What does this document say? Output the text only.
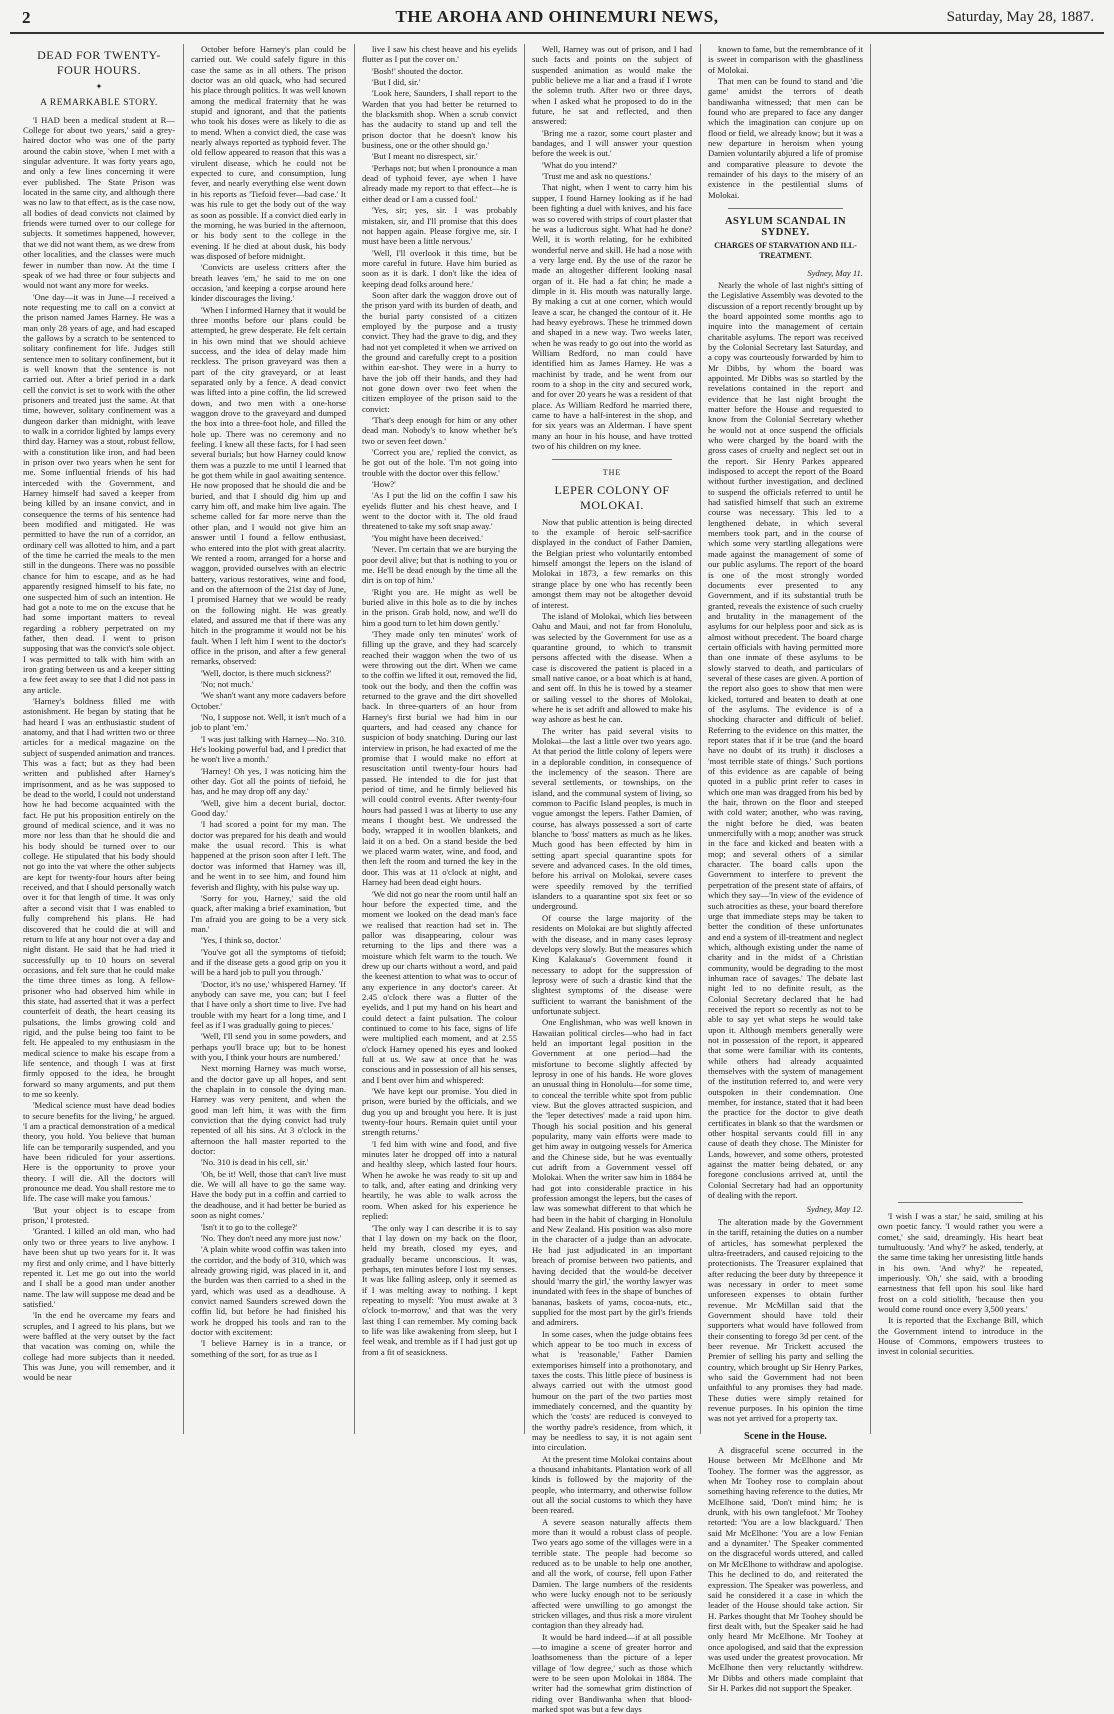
2	THE AROHA AND OHINEMURI NEWS,	Saturday, May 28, 1887.

DEAD FOR TWENTY-FOUR HOURS.

✦

A REMARKABLE STORY.

'I HAD been a medical student at R— College for about two years,' said a grey-haired doctor who was one of the party around the cabin stove, 'when I met with a singular adventure. It was forty years ago, and only a few lines concerning it were ever published. The State Prison was located in the same city, and although there was no law to that effect, as is the case now, all bodies of dead convicts not claimed by friends were turned over to our college for subjects. It sometimes happened, however, that we did not want them, as we drew from other localities, and the classes were much fewer in number than now. At the time I speak of we had three or four subjects and would not want any more for weeks.

'One day—it was in June—I received a note requesting me to call on a convict at the prison named James Harney. He was a man only 28 years of age, and had escaped the gallows by a scratch to be sentenced to solitary confinement for life. Judges still sentence men to solitary confinement, but it is well known that the sentence is not carried out. After a brief period in a dark cell the convict is set to work with the other prisoners and treated just the same. At that time, however, solitary confinement was a dungeon darker than midnight, with leave to walk in a corridor lighted by lamps every third day. Harney was a stout, robust fellow, with a constitution like iron, and had been in prison over two years when he sent for me. Some influential friends of his had interceded with the Government, and Harney himself had saved a keeper from being killed by an insane convict, and in consequence the terms of his sentence had been modified and mitigated. He was permitted to have the run of a corridor, an ordinary cell was allotted to him, and a part of the time he carried the meals to the men still in the dungeons. There was no possible chance for him to escape, and as he had apparently resigned himself to his fate, no one suspected him of such an intention. He had got a note to me on the excuse that he had some important matters to reveal regarding a robbery perpetrated on my father, then dead. I went to prison supposing that was the convict's sole object. I was permitted to talk with him with an iron grating between us and a keeper sitting a few feet away to see that I did not pass in any article.

'Harney's boldness filled me with astonishment. He began by stating that he had heard I was an enthusiastic student of anatomy, and that I had written two or three articles for a medical magazine on the subject of suspended animation and trances. This was a fact; but as they had been written and published after Harney's imprisonment, and as he was supposed to be dead to the world, I could not understand how he had become acquainted with the fact. He put his proposition entirely on the ground of medical science, and it was no more nor less than that he should die and his body should be turned over to our college. He stipulated that his body should not go into the vat where the other subjects are kept for twenty-four hours after being received, and that I should personally watch over it for that length of time. It was only after a second visit that I was enabled to fully comprehend his plans. He had discovered that he could die at will and return to life at any hour not over a day and night distant. He said that he had tried it successfully up to 10 hours on several occasions, and felt sure that he could make the time three times as long. A fellow-prisoner who had observed him while in this state, had asserted that it was a perfect counterfeit of death, the heart ceasing its pulsations, the limbs growing cold and rigid, and the pulse being too faint to be felt. He appealed to my enthusiasm in the medical science to make his escape from a life sentence, and though I was at first firmly opposed to the idea, he brought forward so many arguments, and put them to me so keenly.

'Medical science must have dead bodies to secure benefits for the living,' he argued. 'I am a practical demonstration of a medical theory, you hold. You believe that human life can be temporarily suspended, and you have been ridiculed for your assertions. Here is the opportunity to prove your theory. I will die. All the doctors will pronounce me dead. You shall restore me to life. The case will make you famous.'

'But your object is to escape from prison,' I protested.

'Granted. I killed an old man, who had only two or three years to live anyhow. I have been shut up two years for it. It was my first and only crime, and I have bitterly repented it. Let me go out into the world and I shall be a good man under another name. The law will suppose me dead and be satisfied.'

'In the end he overcame my fears and scruples, and I agreed to his plans, but we were baffled at the very outset by the fact that vacation was coming on, while the college had more subjects than it needed. This was June, you will remember, and it would be near

October before Harney's plan could be carried out. We could safely figure in this case the same as in all others. The prison doctor was an old quack, who had secured his place through politics. It was well known among the medical fraternity that he was stupid and ignorant, and that the patients who took his doses were as likely to die as to mend. When a convict died, the case was nearly always reported as typhoid fever. The old fellow appeared to reason that this was a virulent disease, which he could not be expected to cure, and consumption, lung fever, and nearly everything else went down in his reports as 'Tiefoid fever—bad case.' It was his rule to get the body out of the way as soon as possible. If a convict died early in the morning, he was buried in the afternoon, or his body sent to the college in the evening. If he died at about dusk, his body was disposed of before midnight.

'Convicts are useless critters after the breath leaves 'em,' he said to me on one occasion, 'and keeping a corpse around here kinder discourages the living.'

'When I informed Harney that it would be three months before our plans could be attempted, he grew desperate. He felt certain in his own mind that we should achieve success, and the idea of delay made him reckless. The prison graveyard was then a part of the city graveyard, or at least separated only by a fence. A dead convict was lifted into a pine coffin, the lid screwed down, and two men with a one-horse waggon drove to the graveyard and dumped the box into a three-foot hole, and filled the hole up. There was no ceremony and no feeling. I knew all these facts, for I had seen several burials; but how Harney could know them was a puzzle to me until I learned that he got them while in gaol awaiting sentence. He now proposed that he should die and be buried, and that I should dig him up and carry him off, and make him live again. The scheme called for far more nerve than the other plan, and I would not give him an answer until I found a fellow enthusiast, who entered into the plot with great alacrity. We rented a room, arranged for a horse and waggon, provided ourselves with an electric battery, various restoratives, wine and food, and on the afternoon of the 21st day of June, I promised Harney that we would be ready on the following night. He was greatly elated, and assured me that if there was any hitch in the programme it would not be his fault. When I left him I went to the doctor's office in the prison, and after a few general remarks, observed:

'Well, doctor, is there much sickness?'

'No; not much.'

'We shan't want any more cadavers before October.'

'No, I suppose not. Well, it isn't much of a job to plant 'em.'

'I was just talking with Harney—No. 310. He's looking powerful bad, and I predict that he won't live a month.'

'Harney! Oh yes, I was noticing him the other day. Got all the points of tiefoid, he has, and he may drop off any day.'

'Well, give him a decent burial, doctor. Good day.'

'I had scored a point for my man. The doctor was prepared for his death and would make the usual record. This is what happened at the prison soon after I left. The doctor was informed that Harney was ill, and he went in to see him, and found him feverish and flighty, with his pulse way up.

'Sorry for you, Harney,' said the old quack, after making a brief examination, 'but I'm afraid you are going to be a very sick man.'

'Yes, I think so, doctor.'

'You've got all the symptoms of tiefoid; and if the disease gets a good grip on you it will be a hard job to pull you through.'

'Doctor, it's no use,' whispered Harney. 'If anybody can save me, you can; but I feel that I have only a short time to live. I've had trouble with my heart for a long time, and I feel as if I was gradually going to pieces.'

'Well, I'll send you in some powders, and perhaps you'll brace up; but to be honest with you, I think your hours are numbered.'

Next morning Harney was much worse, and the doctor gave up all hopes, and sent the chaplain in to console the dying man. Harney was very penitent, and when the good man left him, it was with the firm conviction that the dying convict had truly repented of all his sins. At 3 o'clock in the afternoon the hall master reported to the doctor:

'No. 310 is dead in his cell, sir.'

'Oh, be it! Well, those that can't live must die. We will all have to go the same way. Have the body put in a coffin and carried to the deadhouse, and it had better be buried as soon as night comes.'

'Isn't it to go to the college?'

'No. They don't need any more just now.'

'A plain white wood coffin was taken into the corridor, and the body of 310, which was already growing rigid, was placed in it, and the burden was then carried to a shed in the yard, which was used as a deadhouse. A convict named Saunders screwed down the coffin lid, but before he had finished his work he dropped his tools and ran to the doctor with excitement:

'I believe Harney is in a trance, or something of the sort, for as true as I

live I saw his chest heave and his eyelids flutter as I put the cover on.'

'Bosh!' shouted the doctor.

'But I did, sir.'

'Look here, Saunders, I shall report to the Warden that you had better be returned to the blacksmith shop. When a scrub convict has the audacity to stand up and tell the prison doctor that he doesn't know his business, one or the other should go.'

'But I meant no disrespect, sir.'

'Perhaps not; but when I pronounce a man dead of typhoid fever, aye when I have already made my report to that effect—he is either dead or I am a cussed fool.'

'Yes, sir; yes, sir. I was probably mistaken, sir, and I'll promise that this does not happen again. Please forgive me, sir. I must have been a little nervous.'

'Well, I'll overlook it this time, but be more careful in future. Have him buried as soon as it is dark. I don't like the idea of keeping dead folks around here.'

Soon after dark the waggon drove out of the prison yard with its burden of death, and the burial party consisted of a citizen employed by the purpose and a trusty convict. They had the grave to dig, and they had not yet completed it when we arrived on the ground and carefully crept to a position within ear-shot. They were in a hurry to have the job off their hands, and they had not gone down over two feet when the citizen employee of the prison said to the convict:

'That's deep enough for him or any other dead man. Nobody's to know whether he's two or seven feet down.'

'Correct you are,' replied the convict, as he got out of the hole. 'I'm not going into trouble with the doctor over this fellow.'

'How?'

'As I put the lid on the coffin I saw his eyelids flutter and his chest heave, and I went to the doctor with it. The old fraud threatened to take my soft snap away.'

'You might have been deceived.'

'Never. I'm certain that we are burying the poor devil alive; but that is nothing to you or me. He'll be dead enough by the time all the dirt is on top of him.'

'Right you are. He might as well be buried alive in this hole as to die by inches in the prison. Grab hold, now, and we'll do him a good turn to let him down gently.'

'They made only ten minutes' work of filling up the grave, and they had scarcely reached their waggon when the two of us were throwing out the dirt. When we came to the coffin we lifted it out, removed the lid, took out the body, and then the coffin was returned to the grave and the dirt shovelled back. In three-quarters of an hour from Harney's first burial we had him in our quarters, and had ceased any chance for suspicion of body snatching. During our last interview in prison, he had exacted of me the promise that I would make no effort at resuscitation until twenty-four hours had passed. He intended to die for just that period of time, and he firmly believed his will could control events. After twenty-four hours had passed I was at liberty to use any means I thought best. We undressed the body, wrapped it in woollen blankets, and laid it on a bed. On a stand beside the bed we placed warm water, wine, and food, and then left the room and turned the key in the door. This was at 11 o'clock at night, and Harney had been dead eight hours.

'We did not go near the room until half an hour before the expected time, and the moment we looked on the dead man's face we realised that reaction had set in. The pallor was disappearing, colour was returning to the lips and there was a moisture which felt warm to the touch. We drew up our charts without a word, and paid the keenest attention to what was to occur of any experience in any doctor's career. At 2.45 o'clock there was a flutter of the eyelids, and I put my hand on his heart and could detect a faint pulsation. The colour continued to come to his face, signs of life were multiplied each moment, and at 2.55 o'clock Harney opened his eyes and looked full at us. We saw at once that he was conscious and in possession of all his senses, and I bent over him and whispered:

'We have kept our promise. You died in prison, were buried by the officials, and we dug you up and brought you here. It is just twenty-four hours. Remain quiet until your strength returns.'

'I fed him with wine and food, and five minutes later he dropped off into a natural and healthy sleep, which lasted four hours. When he awoke he was ready to sit up and to talk, and, after eating and drinking very heartily, he was able to walk across the room. When asked for his experience he replied:

'The only way I can describe it is to say that I lay down on my back on the floor, held my breath, closed my eyes, and gradually became unconscious. It was, perhaps, ten minutes before I lost my senses. It was like falling asleep, only it seemed as if I was melting away to nothing. I kept repeating to myself: 'You must awake at 3 o'clock to-morrow,' and that was the very last thing I can remember. My coming back to life was like awakening from sleep, but I feel weak, and tremble as if I had just got up from a fit of seasickness.

Well, Harney was out of prison, and I had such facts and points on the subject of suspended animation as would make the public believe me a liar and a fraud if I wrote the solemn truth. After two or three days, when I asked what he proposed to do in the future, he sat and reflected, and then answered:

'Bring me a razor, some court plaster and bandages, and I will answer your question before the week is out.'

'What do you intend?'

'Trust me and ask no questions.'

That night, when I went to carry him his supper, I found Harney looking as if he had been fighting a duel with knives, and his face was so covered with strips of court plaster that he was a ludicrous sight. What had he done? Well, it is worth relating, for he exhibited wonderful nerve and skill. He had a nose with a very large end. By the use of the razor he made an altogether different looking nasal organ of it. He had a fat chin; he made a dimple in it. His mouth was naturally large. By making a cut at one corner, which would leave a scar, he changed the contour of it. He had heavy eyebrows. These he trimmed down and shaped in a new way. Two weeks later, when he was ready to go out into the world as William Redford, no man could have identified him as James Harney. He was a machinist by trade, and he went from our room to a shop in the city and secured work, and for over 20 years he was a resident of that place. As William Redford he married there, came to have a half-interest in the shop, and for six years was an Alderman. I have spent many an hour in his house, and have trotted two of his children on my knee.

THE

LEPER COLONY OF MOLOKAI.

Now that public attention is being directed to the example of heroic self-sacrifice displayed in the conduct of Father Damien, the Belgian priest who voluntarily entombed himself amongst the lepers on the island of Molokai in 1873, a few remarks on this strange place by one who has recently been amongst them may not be altogether devoid of interest.

The island of Molokai, which lies between Oahu and Maui, and not far from Honolulu, was selected by the Government for use as a quarantine ground, to which to transmit persons affected with the disease. When a case is discovered the patient is placed in a small native canoe, or a boat which is at hand, and sent off. In this he is towed by a steamer or sailing vessel to the shores of Molokai, where he is set adrift and allowed to make his way ashore as best he can.

The writer has paid several visits to Molokai—the last a little over two years ago. At that period the little colony of lepers were in a deplorable condition, in consequence of the inclemency of the season. There are several settlements, or townships, on the island, and the communal system of living, so common to Pacific Island peoples, is much in vogue amongst the lepers. Father Damien, of course, has always possessed a sort of carte blanche to 'boss' matters as much as he likes. Much good has been effected by him in setting apart special quarantine spots for severe and advanced cases. In the old times, before his arrival on Molokai, severe cases were speedily removed by the terrified islanders to a quarantine spot six feet or so underground.

Of course the large majority of the residents on Molokai are but slightly affected with the disease, and in many cases leprosy develops very slowly. But the measures which King Kalakaua's Government found it necessary to adopt for the suppression of leprosy were of such a drastic kind that the slightest symptoms of the disease were sufficient to warrant the banishment of the unfortunate subject.

One Englishman, who was well known in Hawaiian political circles—who had in fact held an important legal position in the Government at one period—had the misfortune to become slightly affected by leprosy in one of his hands. He wore gloves an unusual thing in Honolulu—for some time, to conceal the terrible white spot from public view. But the gloves attracted suspicion, and the 'leper detectives' made a raid upon him. Though his social position and his general popularity, many vain efforts were made to get him away in outgoing vessels for America and the Chinese side, but he was eventually cut adrift from a Government vessel off Molokai. When the writer saw him in 1884 he had got into considerable practice in his profession amongst the lepers, but the cases of law was somewhat different to that which he had been in the habit of charging in Honolulu and New Zealand. His position was also more in the character of a judge than an advocate. He had just adjudicated in an important breach of promise between two patients, and having decided that the would-be deceiver should 'marry the girl,' the worthy lawyer was inundated with fees in the shape of bunches of bananas, baskets of yams, cocoa-nuts, etc., supplied for the most part by the girl's friends and admirers.

In some cases, when the judge obtains fees which appear to be too much in excess of what is 'reasonable,' Father Damien extemporises himself into a prothonotary, and taxes the costs. This little piece of business is always carried out with the utmost good humour on the part of the two parties most immediately concerned, and the quantity by which the 'costs' are reduced is conveyed to the worthy padre's residence, from which, it may be needless to say, it is not again sent into circulation.

At the present time Molokai contains about a thousand inhabitants. Plantation work of all kinds is followed by the majority of the people, who intermarry, and otherwise follow out all the social customs to which they have been reared.

A severe season naturally affects them more than it would a robust class of people. Two years ago some of the villages were in a terrible state. The people had become so reduced as to be unable to help one another, and all the work, of course, fell upon Father Damien. The large numbers of the residents who were lucky enough not to be seriously affected were unwilling to go amongst the stricken villages, and thus risk a more virulent contagion than they already had.

It would be hard indeed—if at all possible—to imagine a scene of greater horror and loathsomeness than the picture of a leper village of 'low degree,' such as those which were to be seen upon Molokai in 1884. The writer had the somewhat grim distinction of riding over Bandiwanha when that blood-marked spot was but a few days

known to fame, but the remembrance of it is sweet in comparison with the ghastliness of Molokai.

That men can be found to stand and 'die game' amidst the terrors of death bandiwanha witnessed; that men can be found who are prepared to face any danger which the imagination can conjure up on flood or field, we already know; but it was a new departure in heroism when young Damien voluntarily abjured a life of promise and comparative pleasure to devote the remainder of his days to the misery of an existence in the pestilential slums of Molokai.

ASYLUM SCANDAL IN SYDNEY.

CHARGES OF STARVATION AND ILL-TREATMENT.

Sydney, May 11.

Nearly the whole of last night's sitting of the Legislative Assembly was devoted to the discussion of a report recently brought up by the board appointed some months ago to inquire into the management of certain charitable asylums. The report was received by the Colonial Secretary last Saturday, and a copy was courteously forwarded by him to Mr Dibbs, by whom the board was appointed. Mr Dibbs was so startled by the revelations contained in the report and evidence that he last night brought the matter before the House and requested to know from the Colonial Secretary whether he would not at once suspend the officials who were charged by the board with the gross cases of cruelty and neglect set out in the report. Sir Henry Parkes appeared indisposed to accept the report of the Board without further investigation, and declined to suspend the officials referred to until he had satisfied himself that such an extreme course was necessary. This led to a lengthened debate, in which several members took part, and in the course of which some very startling allegations were made against the management of some of our public asylums. The report of the board is one of the most strongly worded documents ever presented to any Government, and if its substantial truth be granted, reveals the existence of such cruelty and brutality in the management of the asylums for our helpless poor and sick as is almost without precedent. The board charge certain officials with having permitted more than one inmate of these asylums to be slowly starved to death, and particulars of several of these cases are given. A portion of the report also goes to show that men were kicked, tortured and beaten to death at one of the asylums. The evidence is of a shocking character and difficult of belief. Referring to the evidence on this matter, the report states that if it be true (and the board have no doubt of its truth) it discloses a 'most terrible state of things.' Such portions of this evidence as are capable of being quoted in a public print refer to cases in which one man was dragged from his bed by the hair, thrown on the floor and steeped with cold water; another, who was raving, the night before he died, was beaten unmercifully with a mop; another was struck in the face and kicked and beaten with a mop; and several others of a similar character. The board calls upon the Government to interfere to prevent the perpetration of the present state of affairs, of which they say—'In view of the evidence of such atrocities as these, your board therefore urge that immediate steps may be taken to better the condition of these unfortunates and end a system of ill-treatment and neglect which, although existing under the name of charity and in the midst of a Christian community, would be degrading to the most inhuman race of savages.' The debate last night led to no definite result, as the Colonial Secretary declared that he had received the report so recently as not to be able to say yet what steps he would take upon it. Although members generally were not in possession of the report, it appeared that some were familiar with its contents, while others had already acquainted themselves with the system of management of the institution referred to, and were very outspoken in their condemnation. One member, for instance, stated that it had been the practice for the doctor to give death certificates in blank so that the wardsmen or other hospital servants could fill in any cause of death they chose. The Minister for Lands, however, and some others, protested against the matter being debated, or any foregone conclusions arrived at, until the Colonial Secretary had had an opportunity of dealing with the report.

Sydney, May 12.

The alteration made by the Government in the tariff, retaining the duties on a number of articles, has somewhat perplexed the ultra-freetraders, and caused rejoicing to the protectionists. The Treasurer explained that after reducing the beer duty by threepence it was necessary in order to meet some unforeseen expenses to obtain further revenue. Mr McMillan said that the Government should have told their supporters what would have followed from their consenting to forego 3d per cent. of the beer revenue. Mr Trickett accused the Premier of selling his party and selling the country, which brought up Sir Henry Parkes, who said the Government had not been unfaithful to any promises they had made. These duties were simply retained for revenue purposes. In his opinion the time was not yet arrived for a property tax.

Scene in the House.

A disgraceful scene occurred in the House between Mr McElhone and Mr Toohey. The former was the aggressor, as when Mr Toohey rose to complain about something having reference to the duties, Mr McElhone said, 'Don't mind him; he is drunk, with his own tanglefoot.' Mr Toohey retorted: 'You are a low blackguard.' Then said Mr McElhone: 'You are a low Fenian and a dynamiter.' The Speaker commented on the disgraceful words uttered, and called on Mr McElhone to withdraw and apologise. This he declined to do, and reiterated the expression. The Speaker was powerless, and said he considered it a case in which the leader of the House should take action. Sir H. Parkes thought that Mr Toohey should be first dealt with, but the Speaker said he had only heard Mr McElhone. Mr Toohey at once apologised, and said that the expression was used under the greatest provocation. Mr McElhone then very reluctantly withdrew. Mr Dibbs and others made complaint that Sir H. Parkes did not support the Speaker.

'I wish I was a star,' he said, smiling at his own poetic fancy. 'I would rather you were a comet,' she said, dreamingly. His heart beat tumultuously. 'And why?' he asked, tenderly, at the same time taking her unresisting little hands in his own. 'And why?' he repeated, imperiously. 'Oh,' she said, with a brooding earnestness that fell upon his soul like hard frost on a cold sitiolith, 'because then you would come round once every 3,500 years.'

It is reported that the Exchange Bill, which the Government intend to introduce in the House of Commons, empowers trustees to invest in colonial securities.
